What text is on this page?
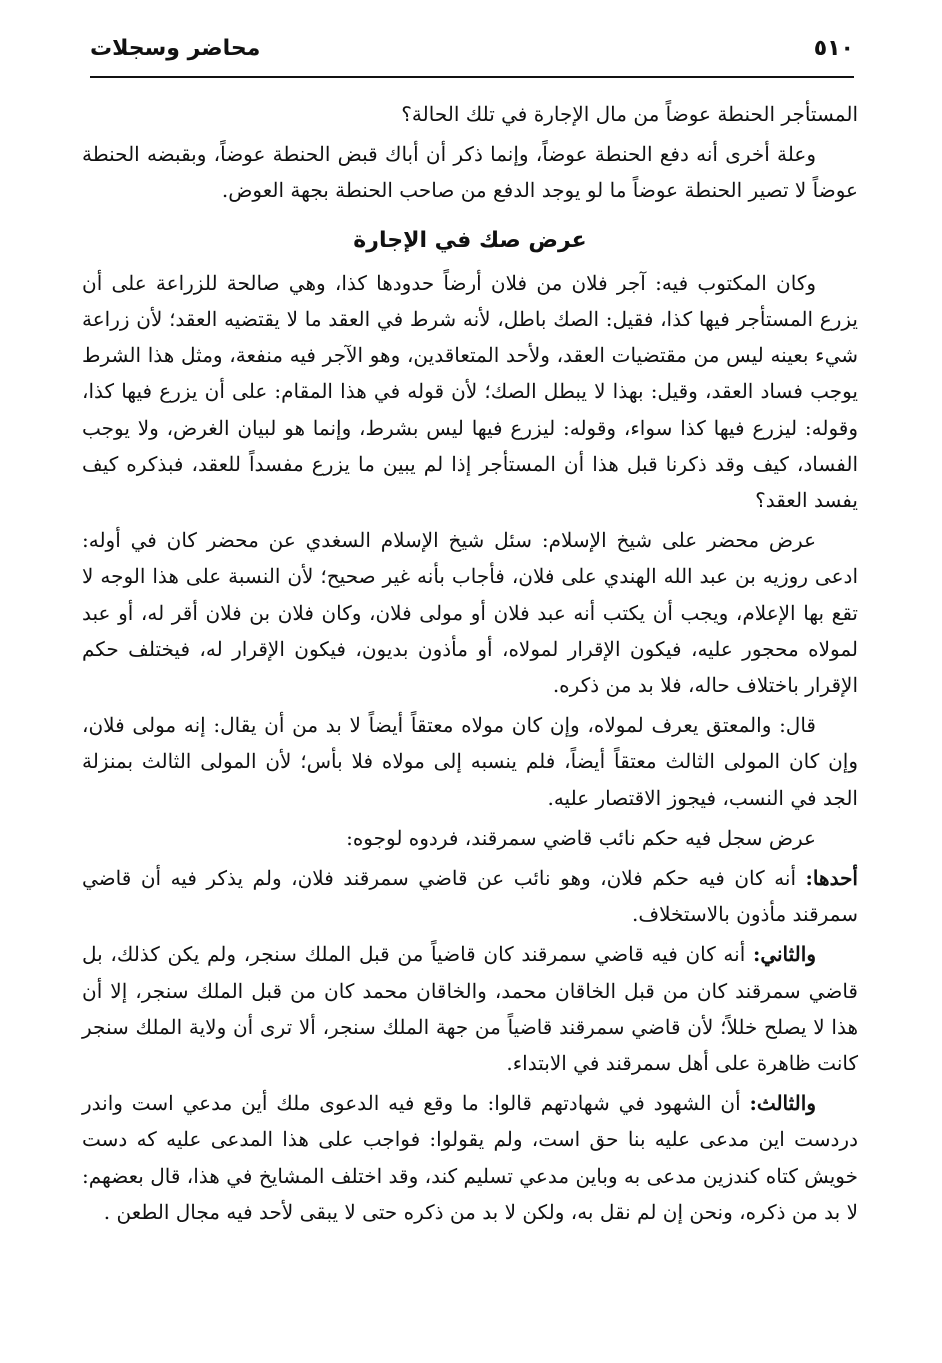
٥١٠
محاضر وسجلات

المستأجر الحنطة عوضاً من مال الإجارة في تلك الحالة؟

وعلة أخرى أنه دفع الحنطة عوضاً، وإنما ذكر أن أباك قبض الحنطة عوضاً، وبقبضه الحنطة عوضاً لا تصير الحنطة عوضاً ما لو يوجد الدفع من صاحب الحنطة بجهة العوض.

عرض صك في الإجارة

وكان المكتوب فيه: آجر فلان من فلان أرضاً حدودها كذا، وهي صالحة للزراعة على أن يزرع المستأجر فيها كذا، فقيل: الصك باطل، لأنه شرط في العقد ما لا يقتضيه العقد؛ لأن زراعة شيء بعينه ليس من مقتضيات العقد، ولأحد المتعاقدين، وهو الآجر فيه منفعة، ومثل هذا الشرط يوجب فساد العقد، وقيل: بهذا لا يبطل الصك؛ لأن قوله في هذا المقام: على أن يزرع فيها كذا، وقوله: ليزرع فيها كذا سواء، وقوله: ليزرع فيها ليس بشرط، وإنما هو لبيان الغرض، ولا يوجب الفساد، كيف وقد ذكرنا قبل هذا أن المستأجر إذا لم يبين ما يزرع مفسداً للعقد، فبذكره كيف يفسد العقد؟

عرض محضر على شيخ الإسلام: سئل شيخ الإسلام السغدي عن محضر كان في أوله: ادعى روزيه بن عبد الله الهندي على فلان، فأجاب بأنه غير صحيح؛ لأن النسبة على هذا الوجه لا تقع بها الإعلام، ويجب أن يكتب أنه عبد فلان أو مولى فلان، وكان فلان بن فلان أقر له، أو عبد لمولاه محجور عليه، فيكون الإقرار لمولاه، أو مأذون بديون، فيكون الإقرار له، فيختلف حكم الإقرار باختلاف حاله، فلا بد من ذكره.

قال: والمعتق يعرف لمولاه، وإن كان مولاه معتقاً أيضاً لا بد من أن يقال: إنه مولى فلان، وإن كان المولى الثالث معتقاً أيضاً، فلم ينسبه إلى مولاه فلا بأس؛ لأن المولى الثالث بمنزلة الجد في النسب، فيجوز الاقتصار عليه.

عرض سجل فيه حكم نائب قاضي سمرقند، فردوه لوجوه:

أحدها: أنه كان فيه حكم فلان، وهو نائب عن قاضي سمرقند فلان، ولم يذكر فيه أن قاضي سمرقند مأذون بالاستخلاف.

والثاني: أنه كان فيه قاضي سمرقند كان قاضياً من قبل الملك سنجر، ولم يكن كذلك، بل قاضي سمرقند كان من قبل الخاقان محمد، والخاقان محمد كان من قبل الملك سنجر، إلا أن هذا لا يصلح خللاً؛ لأن قاضي سمرقند قاضياً من جهة الملك سنجر، ألا ترى أن ولاية الملك سنجر كانت ظاهرة على أهل سمرقند في الابتداء.

والثالث: أن الشهود في شهادتهم قالوا: ما وقع فيه الدعوى ملك أين مدعي است واندر دردست اين مدعى عليه بنا حق است، ولم يقولوا: فواجب على هذا المدعى عليه كه دست خويش كتاه كندزين مدعى به وباين مدعي تسليم كند، وقد اختلف المشايخ في هذا، قال بعضهم: لا بد من ذكره، ونحن إن لم نقل به، ولكن لا بد من ذكره حتى لا يبقى لأحد فيه مجال الطعن .
